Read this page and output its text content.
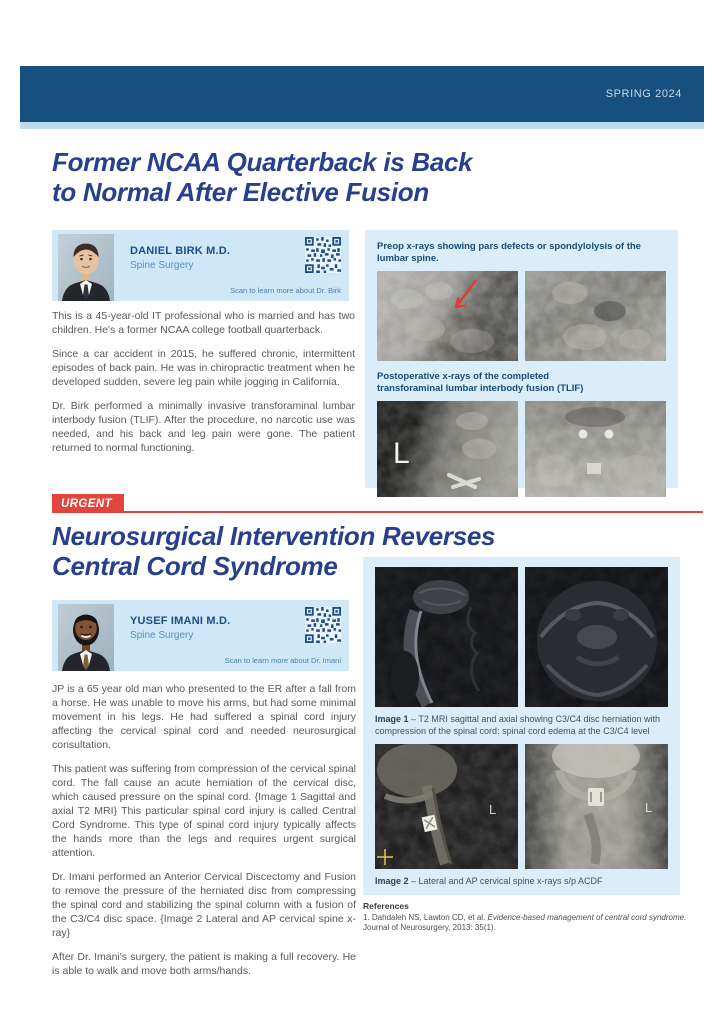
SPRING 2024
Former NCAA Quarterback is Back
to Normal After Elective Fusion
DANIEL BIRK M.D.
Spine Surgery
Scan to learn more about Dr. Birk

This is a 45-year-old IT professional who is married and has two children. He's a former NCAA college football quarterback.

Since a car accident in 2015, he suffered chronic, intermittent episodes of back pain. He was in chiropractic treatment when he developed sudden, severe leg pain while jogging in California.

Dr. Birk performed a minimally invasive transforaminal lumbar interbody fusion (TLIF). After the procedure, no narcotic use was needed, and his back and leg pain were gone. The patient returned to normal functioning.

Preop x-rays showing pars defects or spondylolysis of the lumbar spine.
Postoperative x-rays of the completed
transforaminal lumbar interbody fusion (TLIF)
L
URGENT
Neurosurgical Intervention Reverses
Central Cord Syndrome
YUSEF IMANI M.D.
Spine Surgery
Scan to learn more about Dr. Imani

JP is a 65 year old man who presented to the ER after a fall from a horse. He was unable to move his arms, but had some minimal movement in his legs. He had suffered a spinal cord injury affecting the cervical spinal cord and needed neurosurgical consultation.

This patient was suffering from compression of the cervical spinal cord. The fall cause an acute herniation of the cervical disc, which caused pressure on the spinal cord. {Image 1 Sagittal and axial T2 MRI} This particular spinal cord injury is called Central Cord Syndrome. This type of spinal cord injury typically affects the hands more than the legs and requires urgent surgical attention.

Dr. Imani performed an Anterior Cervical Discectomy and Fusion to remove the pressure of the herniated disc from compressing the spinal cord and stabilizing the spinal column with a fusion of the C3/C4 disc space. {Image 2 Lateral and AP cervical spine x-ray}

After Dr. Imani's surgery, the patient is making a full recovery. He is able to walk and move both arms/hands.

Image 1 – T2 MRI sagittal and axial showing C3/C4 disc herniation with compression of the spinal cord: spinal cord edema at the C3/C4 level
L	L
Image 2 – Lateral and AP cervical spine x-rays s/p ACDF
References
1. Dahdaleh NS, Lawton CD, et al. Evidence-based management of central cord syndrome. Journal of Neurosurgery, 2013: 35(1).
